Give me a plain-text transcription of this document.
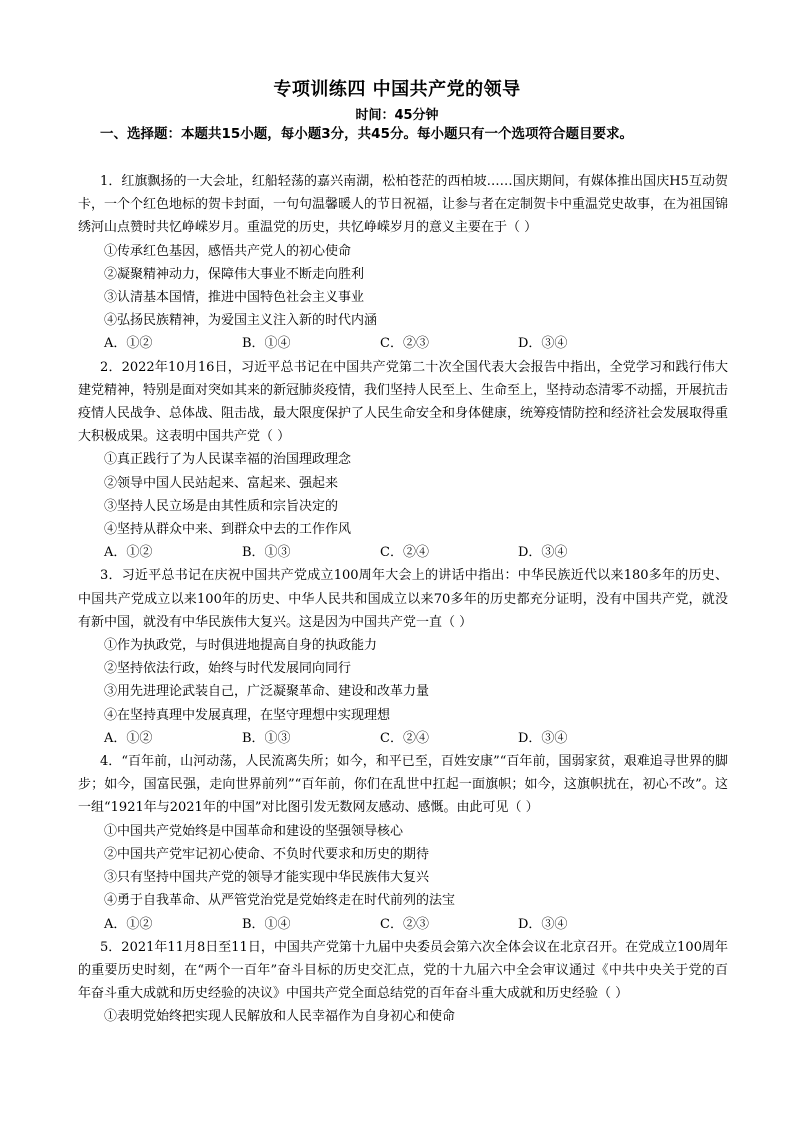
专项训练四 中国共产党的领导
时间：45分钟
一、选择题：本题共15小题，每小题3分，共45分。每小题只有一个选项符合题目要求。

1．红旗飘扬的一大会址，红船轻荡的嘉兴南湖，松柏苍茫的西柏坡……国庆期间，有媒体推出国庆H5互动贺卡，一个个红色地标的贺卡封面，一句句温馨暖人的节日祝福，让参与者在定制贺卡中重温党史故事，在为祖国锦绣河山点赞时共忆峥嵘岁月。重温党的历史，共忆峥嵘岁月的意义主要在于（ ）

①传承红色基因，感悟共产党人的初心使命

②凝聚精神动力，保障伟大事业不断走向胜利

③认清基本国情，推进中国特色社会主义事业

④弘扬民族精神，为爱国主义注入新的时代内涵

A．①②	B．①④	C．②③	D．③④

2．2022年10月16日，习近平总书记在中国共产党第二十次全国代表大会报告中指出，全党学习和践行伟大建党精神，特别是面对突如其来的新冠肺炎疫情，我们坚持人民至上、生命至上，坚持动态清零不动摇，开展抗击疫情人民战争、总体战、阻击战，最大限度保护了人民生命安全和身体健康，统筹疫情防控和经济社会发展取得重大积极成果。这表明中国共产党（ ）

①真正践行了为人民谋幸福的治国理政理念

②领导中国人民站起来、富起来、强起来

③坚持人民立场是由其性质和宗旨决定的

④坚持从群众中来、到群众中去的工作作风

A．①②	B．①③	C．②④	D．③④

3．习近平总书记在庆祝中国共产党成立100周年大会上的讲话中指出：中华民族近代以来180多年的历史、中国共产党成立以来100年的历史、中华人民共和国成立以来70多年的历史都充分证明，没有中国共产党，就没有新中国，就没有中华民族伟大复兴。这是因为中国共产党一直（ ）

①作为执政党，与时俱进地提高自身的执政能力

②坚持依法行政，始终与时代发展同向同行

③用先进理论武装自己，广泛凝聚革命、建设和改革力量

④在坚持真理中发展真理，在坚守理想中实现理想

A．①②	B．①③	C．②④	D．③④

4．“百年前，山河动荡，人民流离失所；如今，和平已至，百姓安康”“百年前，国弱家贫，艰难追寻世界的脚步；如今，国富民强，走向世界前列”“百年前，你们在乱世中扛起一面旗帜；如今，这旗帜扰在，初心不改”。这一组“1921年与2021年的中国”对比图引发无数网友感动、感慨。由此可见（ ）

①中国共产党始终是中国革命和建设的坚强领导核心

②中国共产党牢记初心使命、不负时代要求和历史的期待

③只有坚持中国共产党的领导才能实现中华民族伟大复兴

④勇于自我革命、从严管党治党是党始终走在时代前列的法宝

A．①②	B．①④	C．②③	D．③④

5．2021年11月8日至11日，中国共产党第十九届中央委员会第六次全体会议在北京召开。在党成立100周年的重要历史时刻，在“两个一百年”奋斗目标的历史交汇点，党的十九届六中全会审议通过《中共中央关于党的百年奋斗重大成就和历史经验的决议》中国共产党全面总结党的百年奋斗重大成就和历史经验（ ）

①表明党始终把实现人民解放和人民幸福作为自身初心和使命
